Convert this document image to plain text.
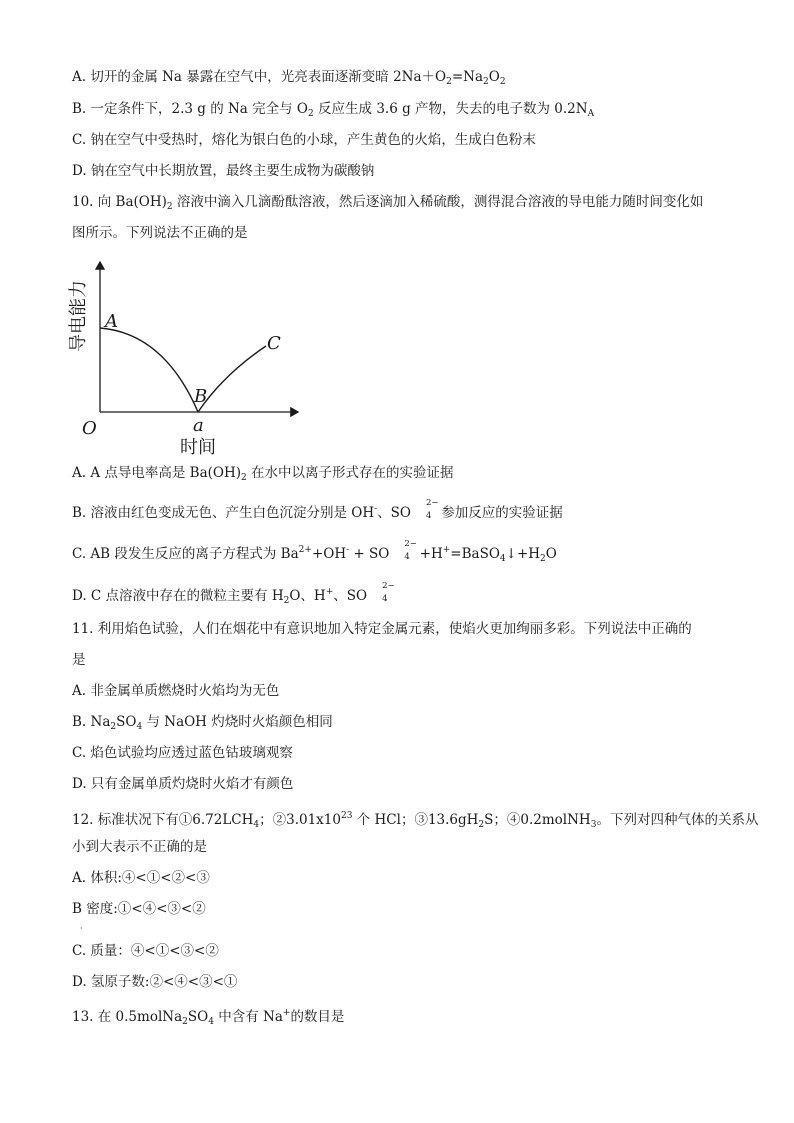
A. 切开的金属 Na 暴露在空气中，光亮表面逐渐变暗 $2Na+O_2=Na_2O_2$
B. 一定条件下，2.3 g 的 Na 完全与 $O_2$ 反应生成 3.6 g 产物，失去的电子数为 $0.2N_A$
C. 钠在空气中受热时，熔化为银白色的小球，产生黄色的火焰，生成白色粉末
D. 钠在空气中长期放置，最终主要生成物为碳酸钠
10. 向 $Ba(OH)_2$ 溶液中滴入几滴酚酞溶液，然后逐滴加入稀硫酸，测得混合溶液的导电能力随时间变化如
图所示。下列说法不正确的是
导电能力
时间
O
A
B
C
a
A. A 点导电率高是 $Ba(OH)_2$ 在水中以离子形式存在的实验证据
B. 溶液由红色变成无色、产生白色沉淀分别是 OH-、SO
2−
4 参加反应的实验证据
C. AB 段发生反应的离子方程式为 $Ba^{2+}+OH^-$ + SO
2−
$4 +H^+=BaSO_4↓+H_2O$
D. C 点溶液中存在的微粒主要有 $H_2O$、H+、SO
2−
4
11. 利用焰色试验，人们在烟花中有意识地加入特定金属元素，使焰火更加绚丽多彩。下列说法中正确的
是
A. 非金属单质燃烧时火焰均为无色
B. $Na_2SO_4$ 与 NaOH 灼烧时火焰颜色相同
C. 焰色试验均应透过蓝色钴玻璃观察
D. 只有金属单质灼烧时火焰才有颜色
12. 标准状况下有$①6.72LCH_4$；$②3.01x10^{23}$ 个 HCl；$③13.6gH_2S$；④0.2molNH$_3$。下列对四种气体的关系从
小到大表示不正确的是
A. 体积:④<①<②<③
B 密度:①<④<③<②
·
C. 质量：④<①<③<②
D. 氢原子数:②<④<③<①
13. 在 $0.5molNa_2SO_4$ 中含有 Na+的数目是
